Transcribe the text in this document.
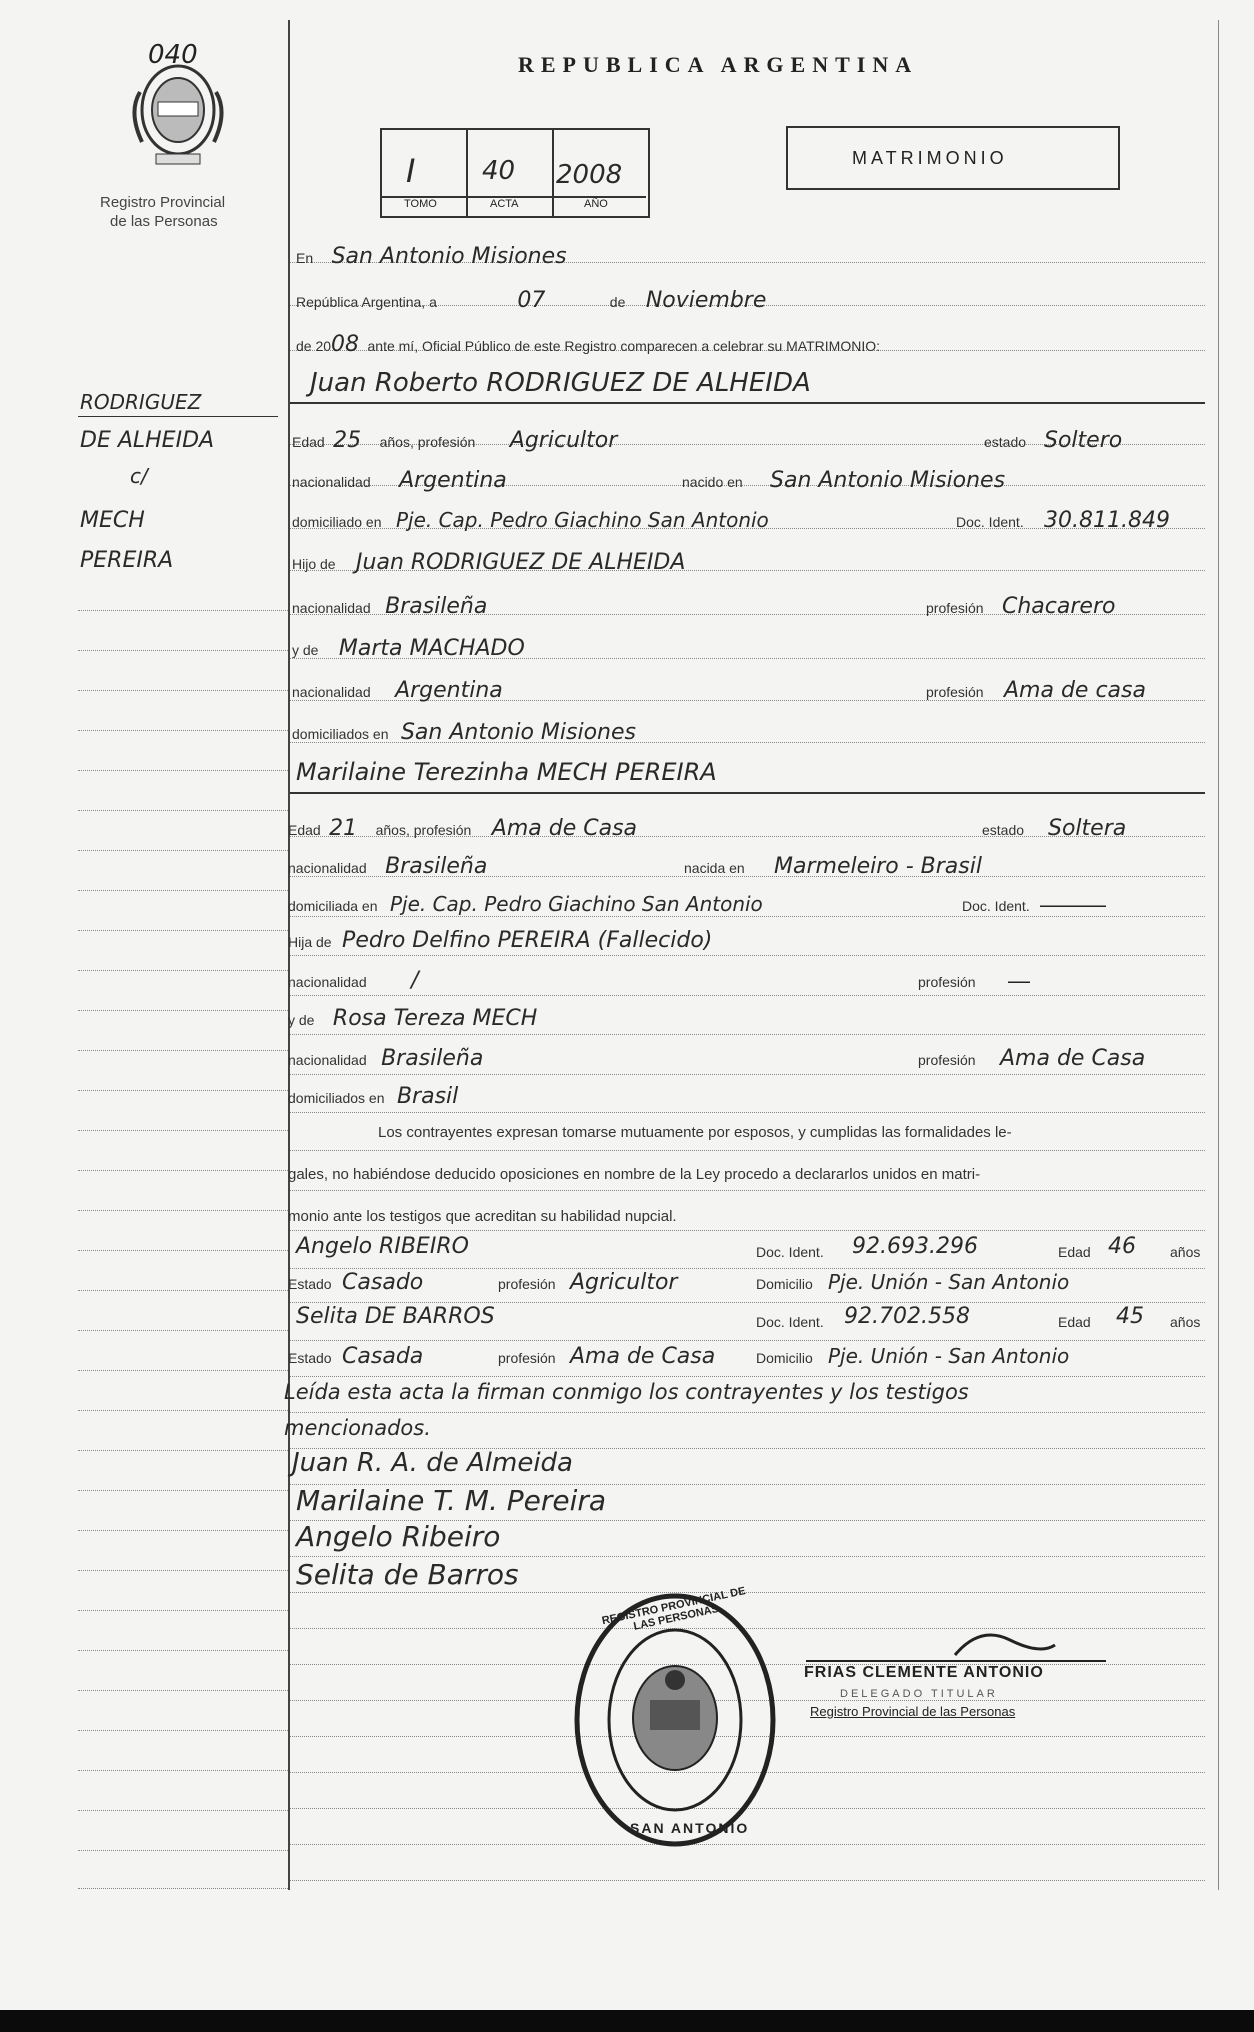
040
Registro Provincial
de las Personas
REPUBLICA ARGENTINA
I	40 2008
TOMO	ACTA	AÑO
MATRIMONIO
RODRIGUEZ
DE ALHEIDA
c/
MECH
PEREIRA
En San Antonio Misiones
República Argentina, a	07	de Noviembre
de 2008 ante mí, Oficial Público de este Registro comparecen a celebrar su MATRIMONIO:
Juan Roberto RODRIGUEZ DE ALHEIDA
Edad 25 años, profesión Agricultor	estado Soltero
nacionalidad Argentina	nacido en San Antonio Misiones
domiciliado en Pje. Cap. Pedro Giachino San Antonio	Doc. Ident. 30.811.849
Hijo de Juan RODRIGUEZ DE ALHEIDA
nacionalidad Brasileña	profesión Chacarero
y de Marta MACHADO
nacionalidad Argentina	profesión Ama de casa
domiciliados en San Antonio Misiones
Marilaine Terezinha MECH PEREIRA
Edad 21 años, profesión Ama de Casa	estado Soltera
nacionalidad Brasileña	nacida en Marmeleiro - Brasil
domiciliada en Pje. Cap. Pedro Giachino San Antonio	Doc. Ident. ———
Hija de Pedro Delfino PEREIRA (Fallecido)
nacionalidad /	profesión —
y de Rosa Tereza MECH
nacionalidad Brasileña	profesión Ama de Casa
domiciliados en Brasil
Los contrayentes expresan tomarse mutuamente por esposos, y cumplidas las formalidades le-
gales, no habiéndose deducido oposiciones en nombre de la Ley procedo a declararlos unidos en matri-
monio ante los testigos que acreditan su habilidad nupcial.
Angelo RIBEIRO	Doc. Ident. 92.693.296	Edad 46 años
Estado Casado	profesión Agricultor	Domicilio Pje. Unión - San Antonio
Selita DE BARROS	Doc. Ident. 92.702.558	Edad 45 años
Estado Casada	profesión Ama de Casa	Domicilio Pje. Unión - San Antonio
Leída esta acta la firman conmigo los contrayentes y los testigos
mencionados.
Juan R. A. de Almeida
Marilaine T. M. Pereira
Angelo Ribeiro
Selita de Barros
REGISTRO PROVINCIAL DE LAS PERSONAS
SAN ANTONIO
FRIAS CLEMENTE ANTONIO
DELEGADO TITULAR
Registro Provincial de las Personas
